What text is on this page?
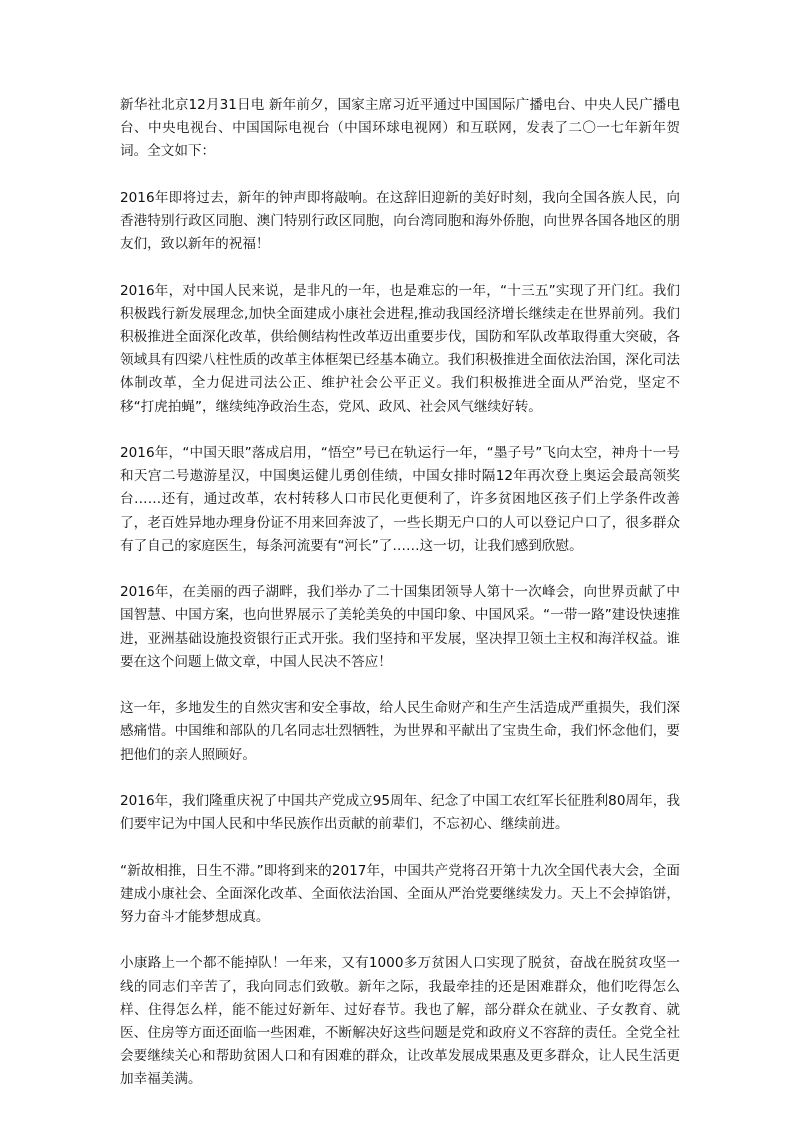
新华社北京12月31日电 新年前夕，国家主席习近平通过中国国际广播电台、中央人民广播电台、中央电视台、中国国际电视台（中国环球电视网）和互联网，发表了二〇一七年新年贺词。全文如下：

2016年即将过去，新年的钟声即将敲响。在这辞旧迎新的美好时刻，我向全国各族人民，向香港特别行政区同胞、澳门特别行政区同胞，向台湾同胞和海外侨胞，向世界各国各地区的朋友们，致以新年的祝福！

2016年，对中国人民来说，是非凡的一年，也是难忘的一年，“十三五”实现了开门红。我们积极践行新发展理念,加快全面建成小康社会进程,推动我国经济增长继续走在世界前列。我们积极推进全面深化改革，供给侧结构性改革迈出重要步伐，国防和军队改革取得重大突破，各领域具有四梁八柱性质的改革主体框架已经基本确立。我们积极推进全面依法治国，深化司法体制改革，全力促进司法公正、维护社会公平正义。我们积极推进全面从严治党，坚定不移“打虎拍蝇”，继续纯净政治生态，党风、政风、社会风气继续好转。

2016年，“中国天眼”落成启用，“悟空”号已在轨运行一年，“墨子号”飞向太空，神舟十一号和天宫二号遨游星汉，中国奥运健儿勇创佳绩，中国女排时隔12年再次登上奥运会最高领奖台……还有，通过改革，农村转移人口市民化更便利了，许多贫困地区孩子们上学条件改善了，老百姓异地办理身份证不用来回奔波了，一些长期无户口的人可以登记户口了，很多群众有了自己的家庭医生，每条河流要有“河长”了……这一切，让我们感到欣慰。

2016年，在美丽的西子湖畔，我们举办了二十国集团领导人第十一次峰会，向世界贡献了中国智慧、中国方案，也向世界展示了美轮美奂的中国印象、中国风采。“一带一路”建设快速推进，亚洲基础设施投资银行正式开张。我们坚持和平发展，坚决捍卫领土主权和海洋权益。谁要在这个问题上做文章，中国人民决不答应！

这一年，多地发生的自然灾害和安全事故，给人民生命财产和生产生活造成严重损失，我们深感痛惜。中国维和部队的几名同志壮烈牺牲，为世界和平献出了宝贵生命，我们怀念他们，要把他们的亲人照顾好。

2016年，我们隆重庆祝了中国共产党成立95周年、纪念了中国工农红军长征胜利80周年，我们要牢记为中国人民和中华民族作出贡献的前辈们，不忘初心、继续前进。

“新故相推，日生不滞。”即将到来的2017年，中国共产党将召开第十九次全国代表大会，全面建成小康社会、全面深化改革、全面依法治国、全面从严治党要继续发力。天上不会掉馅饼，努力奋斗才能梦想成真。

小康路上一个都不能掉队！一年来，又有1000多万贫困人口实现了脱贫，奋战在脱贫攻坚一线的同志们辛苦了，我向同志们致敬。新年之际，我最牵挂的还是困难群众，他们吃得怎么样、住得怎么样，能不能过好新年、过好春节。我也了解，部分群众在就业、子女教育、就医、住房等方面还面临一些困难，不断解决好这些问题是党和政府义不容辞的责任。全党全社会要继续关心和帮助贫困人口和有困难的群众，让改革发展成果惠及更多群众，让人民生活更加幸福美满。
